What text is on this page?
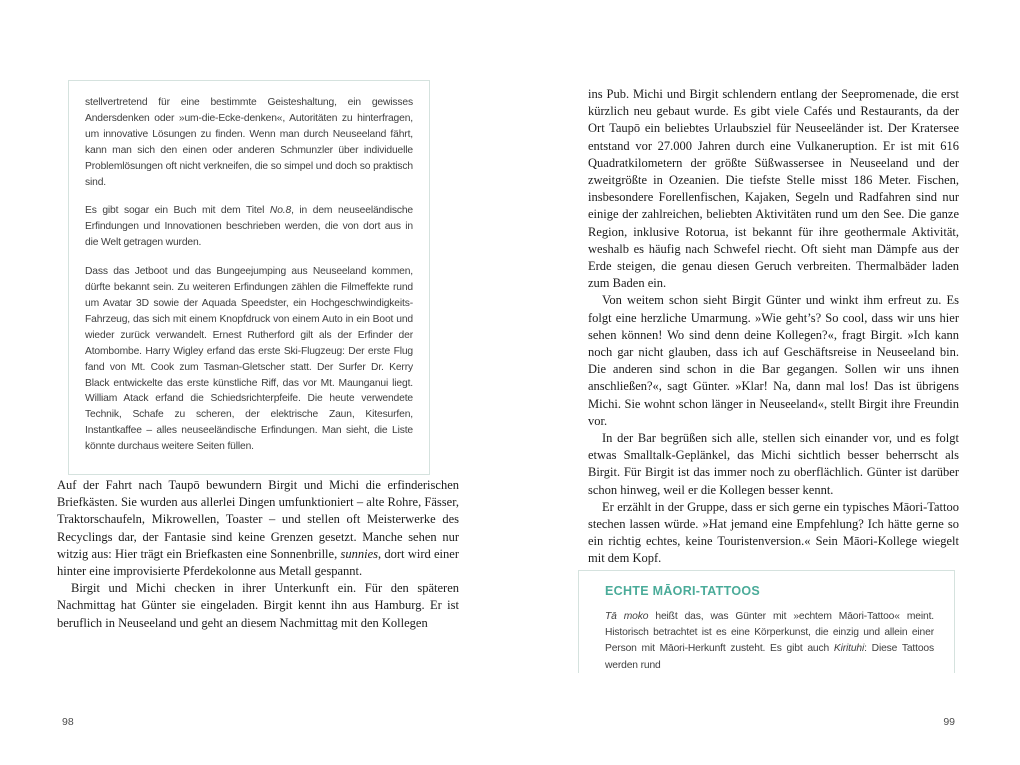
stellvertretend für eine bestimmte Geisteshaltung, ein gewisses Andersdenken oder »um-die-Ecke-denken«, Autoritäten zu hinterfragen, um innovative Lösungen zu finden. Wenn man durch Neuseeland fährt, kann man sich den einen oder anderen Schmunzler über individuelle Problemlösungen oft nicht verkneifen, die so simpel und doch so praktisch sind.

Es gibt sogar ein Buch mit dem Titel No.8, in dem neuseeländische Erfindungen und Innovationen beschrieben werden, die von dort aus in die Welt getragen wurden.

Dass das Jetboot und das Bungeejumping aus Neuseeland kommen, dürfte bekannt sein. Zu weiteren Erfindungen zählen die Filmeffekte rund um Avatar 3D sowie der Aquada Speedster, ein Hochgeschwindigkeits-Fahrzeug, das sich mit einem Knopfdruck von einem Auto in ein Boot und wieder zurück verwandelt. Ernest Rutherford gilt als der Erfinder der Atombombe. Harry Wigley erfand das erste Ski-Flugzeug: Der erste Flug fand von Mt. Cook zum Tasman-Gletscher statt. Der Surfer Dr. Kerry Black entwickelte das erste künstliche Riff, das vor Mt. Maunganui liegt. William Atack erfand die Schiedsrichterpfeife. Die heute verwendete Technik, Schafe zu scheren, der elektrische Zaun, Kitesurfen, Instantkaffee – alles neuseeländische Erfindungen. Man sieht, die Liste könnte durchaus weitere Seiten füllen.

Auf der Fahrt nach Taupō bewundern Birgit und Michi die erfinderischen Briefkästen. Sie wurden aus allerlei Dingen umfunktioniert – alte Rohre, Fässer, Traktorschaufeln, Mikrowellen, Toaster – und stellen oft Meisterwerke des Recyclings dar, der Fantasie sind keine Grenzen gesetzt. Manche sehen nur witzig aus: Hier trägt ein Briefkasten eine Sonnenbrille, sunnies, dort wird einer hinter eine improvisierte Pferdekolonne aus Metall gespannt.

Birgit und Michi checken in ihrer Unterkunft ein. Für den späteren Nachmittag hat Günter sie eingeladen. Birgit kennt ihn aus Hamburg. Er ist beruflich in Neuseeland und geht an diesem Nachmittag mit den Kollegen

ins Pub. Michi und Birgit schlendern entlang der Seepromenade, die erst kürzlich neu gebaut wurde. Es gibt viele Cafés und Restaurants, da der Ort Taupō ein beliebtes Urlaubsziel für Neuseeländer ist. Der Kratersee entstand vor 27.000 Jahren durch eine Vulkaneruption. Er ist mit 616 Quadratkilometern der größte Süßwassersee in Neuseeland und der zweitgrößte in Ozeanien. Die tiefste Stelle misst 186 Meter. Fischen, insbesondere Forellenfischen, Kajaken, Segeln und Radfahren sind nur einige der zahlreichen, beliebten Aktivitäten rund um den See. Die ganze Region, inklusive Rotorua, ist bekannt für ihre geothermale Aktivität, weshalb es häufig nach Schwefel riecht. Oft sieht man Dämpfe aus der Erde steigen, die genau diesen Geruch verbreiten. Thermalbäder laden zum Baden ein.

Von weitem schon sieht Birgit Günter und winkt ihm erfreut zu. Es folgt eine herzliche Umarmung. »Wie geht’s? So cool, dass wir uns hier sehen können! Wo sind denn deine Kollegen?«, fragt Birgit. »Ich kann noch gar nicht glauben, dass ich auf Geschäftsreise in Neuseeland bin. Die anderen sind schon in die Bar gegangen. Sollen wir uns ihnen anschließen?«, sagt Günter. »Klar! Na, dann mal los! Das ist übrigens Michi. Sie wohnt schon länger in Neuseeland«, stellt Birgit ihre Freundin vor.

In der Bar begrüßen sich alle, stellen sich einander vor, und es folgt etwas Smalltalk-Geplänkel, das Michi sichtlich besser beherrscht als Birgit. Für Birgit ist das immer noch zu oberflächlich. Günter ist darüber schon hinweg, weil er die Kollegen besser kennt.

Er erzählt in der Gruppe, dass er sich gerne ein typisches Māori-Tattoo stechen lassen würde. »Hat jemand eine Empfehlung? Ich hätte gerne so ein richtig echtes, keine Touristenversion.« Sein Māori-Kollege wiegelt mit dem Kopf.

ECHTE MĀORI-TATTOOS

Tā moko heißt das, was Günter mit »echtem Māori-Tattoo« meint. Historisch betrachtet ist es eine Körperkunst, die einzig und allein einer Person mit Māori-Herkunft zusteht. Es gibt auch Kirituhi: Diese Tattoos werden rund

98	99
